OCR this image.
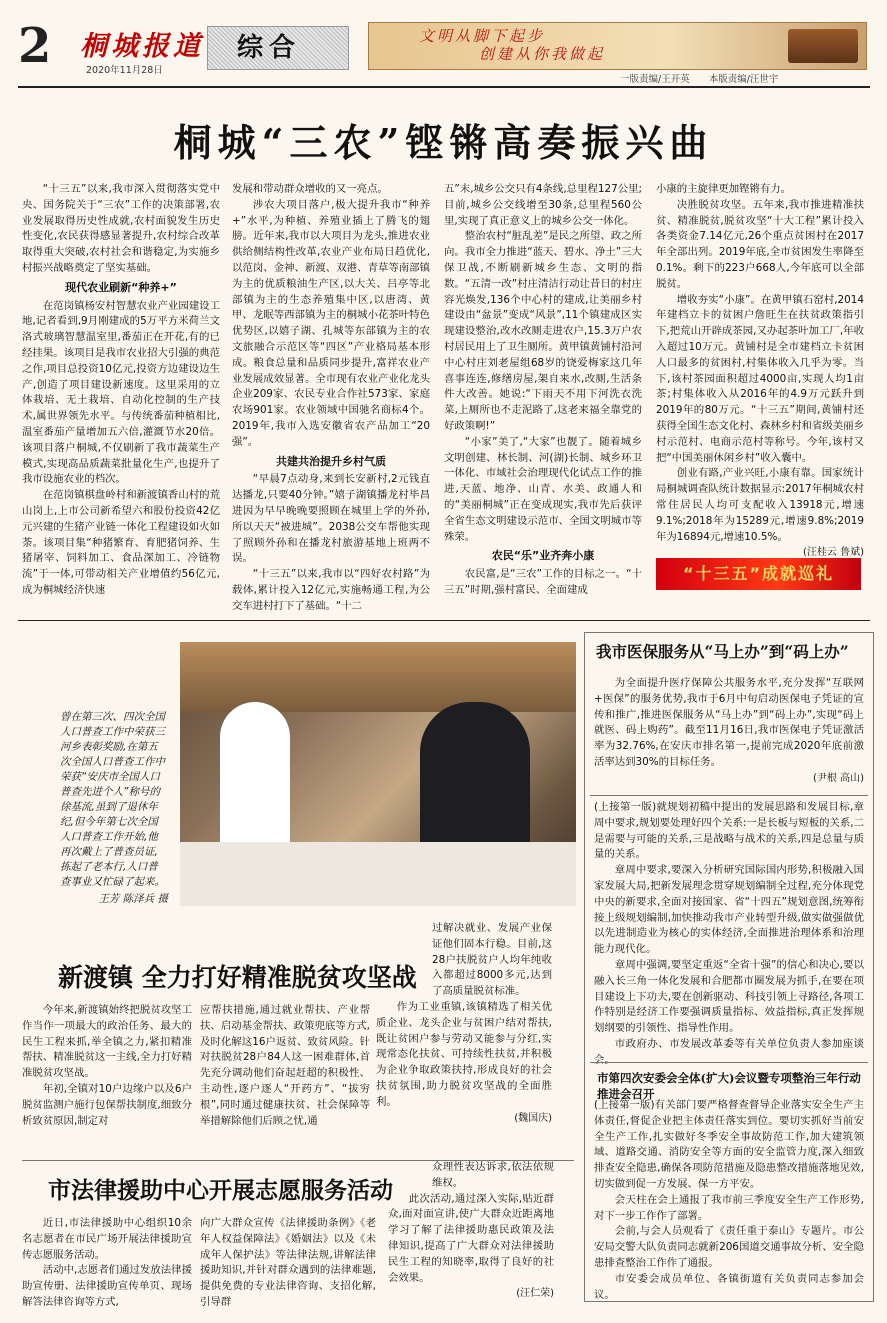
2 桐城报道
2020年11月28日
综合	文明从脚下起步
创建从你我做起
一版责编/王开英　　本版责编/汪世宇
桐城“三农”铿锵高奏振兴曲

“十三五”以来,我市深入贯彻落实党中央、国务院关于“三农”工作的决策部署,农业发展取得历史性成就,农村面貌发生历史性变化,农民获得感显著提升,农村综合改革取得重大突破,农村社会和谐稳定,为实施乡村振兴战略奠定了坚实基础。

现代农业刷新“种养+”

在范岗镇杨安村智慧农业产业园建设工地,记者看到,9月刚建成的5万平方米荷兰文洛式玻璃智慧温室里,番茄正在开花,有的已经挂果。该项目是我市农业招大引强的典范之作,项目总投资10亿元,投资方边建设边生产,创造了项目建设新速度。这里采用的立体栽培、无土栽培、自动化控制的生产技术,属世界领先水平。与传统番茄种植相比,温室番茄产量增加五六倍,灌溉节水20倍。该项目落户桐城,不仅刷新了我市蔬菜生产模式,实现高品质蔬菜批量化生产,也提升了我市设施农业的档次。

在范岗镇棋盘岭村和新渡镇香山村的荒山岗上,上市公司新希望六和股份投资42亿元兴建的生猪产业链一体化工程建设如火如荼。该项目集“种猪繁育、育肥猪饲养、生猪屠宰、饲料加工、食品深加工、冷链物流”于一体,可带动相关产业增值约56亿元,成为桐城经济快速

发展和带动群众增收的又一亮点。

涉农大项目落户,极大提升我市“种养+”水平,为种植、养殖业插上了腾飞的翅膀。近年来,我市以大项目为龙头,推进农业供给侧结构性改革,农业产业布局日趋优化,以范岗、金神、新渡、双港、青草等南部镇为主的优质粮油生产区,以大关、吕亭等北部镇为主的生态养殖集中区,以唐湾、黄甲、龙眠等西部镇为主的桐城小花茶叶特色优势区,以嬉子湖、孔城等东部镇为主的农文旅融合示范区等“四区”产业格局基本形成。粮食总量和品质同步提升,富祥农业产业发展成效显著。全市现有农业产业化龙头企业209家、农民专业合作社573家、家庭农场901家。农业领域中国驰名商标4个。2019年,我市入选安徽省农产品加工“20强”。

共建共治提升乡村气质

“早晨7点动身,来到长安新村,2元钱直达播龙,只要40分钟。”嬉子湖镇播龙村毕昌进因为早早晚晚要照顾在城里上学的外孙,所以天天“被进城”。2038公交车帮他实现了照顾外孙和在播龙村旅游基地上班两不误。

“十三五”以来,我市以“四好农村路”为载体,累计投入12亿元,实施畅通工程,为公交车进村打下了基础。“十二

五”末,城乡公交只有4条线,总里程127公里;目前,城乡公交线增至30条,总里程560公里,实现了真正意义上的城乡公交一体化。

整治农村“脏乱差”是民之所望、政之所向。我市全力推进“蓝天、碧水、净土”三大保卫战,不断刷新城乡生态、文明的指数。“五清一改”村庄清洁行动让昔日的村庄容光焕发,136个中心村的建成,让美丽乡村建设由“盆景”变成“风景”,11个镇建成区实现建设整治,改水改厕走进农户,15.3万户农村居民用上了卫生厕所。黄甲镇黄铺村沿河中心村庄刘老屋组68岁的饶爱梅家这几年喜事连连,修缮房屋,架自来水,改厕,生活条件大改善。她说:“下雨天不用下河洗衣洗菜,上厕所也不走泥路了,这老来福全靠党的好政策啊!”

“小家”美了,“大家”也靓了。随着城乡文明创建、林长制、河(湖)长制、城乡环卫一体化、市域社会治理现代化试点工作的推进,天蓝、地净、山青、水美、政通人和的“美丽桐城”正在变成现实,我市先后获评全省生态文明建设示范市、全国文明城市等殊荣。

农民“乐”业齐奔小康

农民富,是“三农”工作的目标之一。“十三五”时期,强村富民、全面建成

小康的主旋律更加铿锵有力。

决胜脱贫攻坚。五年来,我市推进精准扶贫、精准脱贫,脱贫攻坚“十大工程”累计投入各类资金7.14亿元,26个重点贫困村在2017年全部出列。2019年底,全市贫困发生率降至0.1%。剩下的223户668人,今年底可以全部脱贫。

增收夯实“小康”。在黄甲镇石窑村,2014年建档立卡的贫困户詹旺生在扶贫政策指引下,把荒山开辟成茶园,又办起茶叶加工厂,年收入超过10万元。黄铺村是全市建档立卡贫困人口最多的贫困村,村集体收入几乎为零。当下,该村茶园面积超过4000亩,实现人均1亩茶;村集体收入从2016年的4.9万元跃升到2019年的80万元。“十三五”期间,黄铺村还获得全国生态文化村、森林乡村和省级美丽乡村示范村、电商示范村等称号。今年,该村又把“中国美丽休闲乡村”收入囊中。

创业有路,产业兴旺,小康有靠。国家统计局桐城调查队统计数据显示:2017年桐城农村常住居民人均可支配收入13918元,增速9.1%;2018年为15289元,增速9.8%;2019年为16894元,增速10.5%。

(汪桂云 鲁斌)
“十三五”成就巡礼
曾在第三次、四次全国人口普查工作中荣获三河乡表彰奖励,在第五次全国人口普查工作中荣获“安庆市全国人口普查先进个人”称号的徐基流,虽到了退休年纪,但今年第七次全国人口普查工作开始,他再次戴上了普查员证,拣起了老本行,人口普查事业又忙碌了起来。
王芳 陈泽兵 摄
新渡镇 全力打好精准脱贫攻坚战

今年来,新渡镇始终把脱贫攻坚工作当作一项最大的政治任务、最大的民生工程来抓,举全镇之力,紧扣精准帮扶、精准脱贫这一主线,全力打好精准脱贫攻坚战。

年初,全镇对10户边缘户以及6户脱贫监测户施行包保帮扶制度,细致分析致贫原因,制定对

应帮扶措施,通过就业帮扶、产业帮扶、启动基金帮扶、政策兜底等方式,及时化解这16户返贫、致贫风险。针对扶脱贫28户84人这一困难群体,首先充分调动他们奋起赶超的积极性、主动性,逐户逐人“开药方”、“拔穷根”,同时通过健康扶贫、社会保障等举措解除他们后顾之忧,通

过解决就业、发展产业保证他们固本行稳。目前,这28户扶脱贫户人均年纯收入都超过8000多元,达到了高质量脱贫标准。

作为工业重镇,该镇精选了相关优质企业、龙头企业与贫困户结对帮扶,既让贫困户参与劳动又能参与分红,实现常态化扶贫、可持续性扶贫,并积极为企业争取政策扶持,形成良好的社会扶贫氛围,助力脱贫攻坚战的全面胜利。

(魏国庆)
市法律援助中心开展志愿服务活动

近日,市法律援助中心组织10余名志愿者在市民广场开展法律援助宣传志愿服务活动。

活动中,志愿者们通过发放法律援助宣传册、法律援助宣传单页、现场解答法律咨询等方式,

向广大群众宣传《法律援助条例》《老年人权益保障法》《婚姻法》以及《未成年人保护法》等法律法规,讲解法律援助知识,并针对群众遇到的法律难题,提供免费的专业法律咨询、支招化解,引导群

众理性表达诉求,依法依规维权。

此次活动,通过深入实际,贴近群众,面对面宣讲,使广大群众近距离地学习了解了法律援助惠民政策及法律知识,提高了广大群众对法律援助民生工程的知晓率,取得了良好的社会效果。

(汪仁荣)
我市医保服务从“马上办”到“码上办”

为全面提升医疗保障公共服务水平,充分发挥“互联网+医保”的服务优势,我市于6月中旬启动医保电子凭证的宣传和推广,推进医保服务从“马上办”到“码上办”,实现“码上就医、码上购药”。截至11月16日,我市医保电子凭证激活率为32.76%,在安庆市排名第一,提前完成2020年底前激活率达到30%的目标任务。

(尹根 高山)

(上接第一版)就规划初稿中提出的发展思路和发展目标,章周中要求,规划要处理好四个关系:一是长板与短板的关系,二是需要与可能的关系,三是战略与战术的关系,四是总量与质量的关系。

章周中要求,要深入分析研究国际国内形势,积极融入国家发展大局,把新发展理念贯穿规划编制全过程,充分体现党中央的新要求,全面对接国家、省“十四五”规划意图,统筹衔接上级规划编制,加快推动我市产业转型升级,做实做强做优以先进制造业为核心的实体经济,全面推进治理体系和治理能力现代化。

章周中强调,要坚定重返“全省十强”的信心和决心,要以融入长三角一体化发展和合肥都市圈发展为抓手,在要在项目建设上下功夫,要在创新驱动、科技引领上寻路径,各项工作特别是经济工作要强调质量指标、效益指标,真正发挥规划纲要的引领性、指导性作用。

市政府办、市发展改革委等有关单位负责人参加座谈会。

市第四次安委会全体(扩大)会议暨专项整治三年行动推进会召开

(上接第一版)有关部门要严格督查督导企业落实安全生产主体责任,督促企业把主体责任落实到位。要切实抓好当前安全生产工作,扎实做好冬季安全事故防范工作,加大建筑领域、道路交通、消防安全等方面的安全监管力度,深入细致排查安全隐患,确保各项防范措施及隐患整改措施落地见效,切实做到促一方发展、保一方平安。

会天柱在会上通报了我市前三季度安全生产工作形势,对下一步工作作了部署。

会前,与会人员观看了《责任重于泰山》专题片。市公安局交警大队负责同志就新206国道交通事故分析、安全隐患排查整治工作作了通报。

市安委会成员单位、各镇街道有关负责同志参加会议。
